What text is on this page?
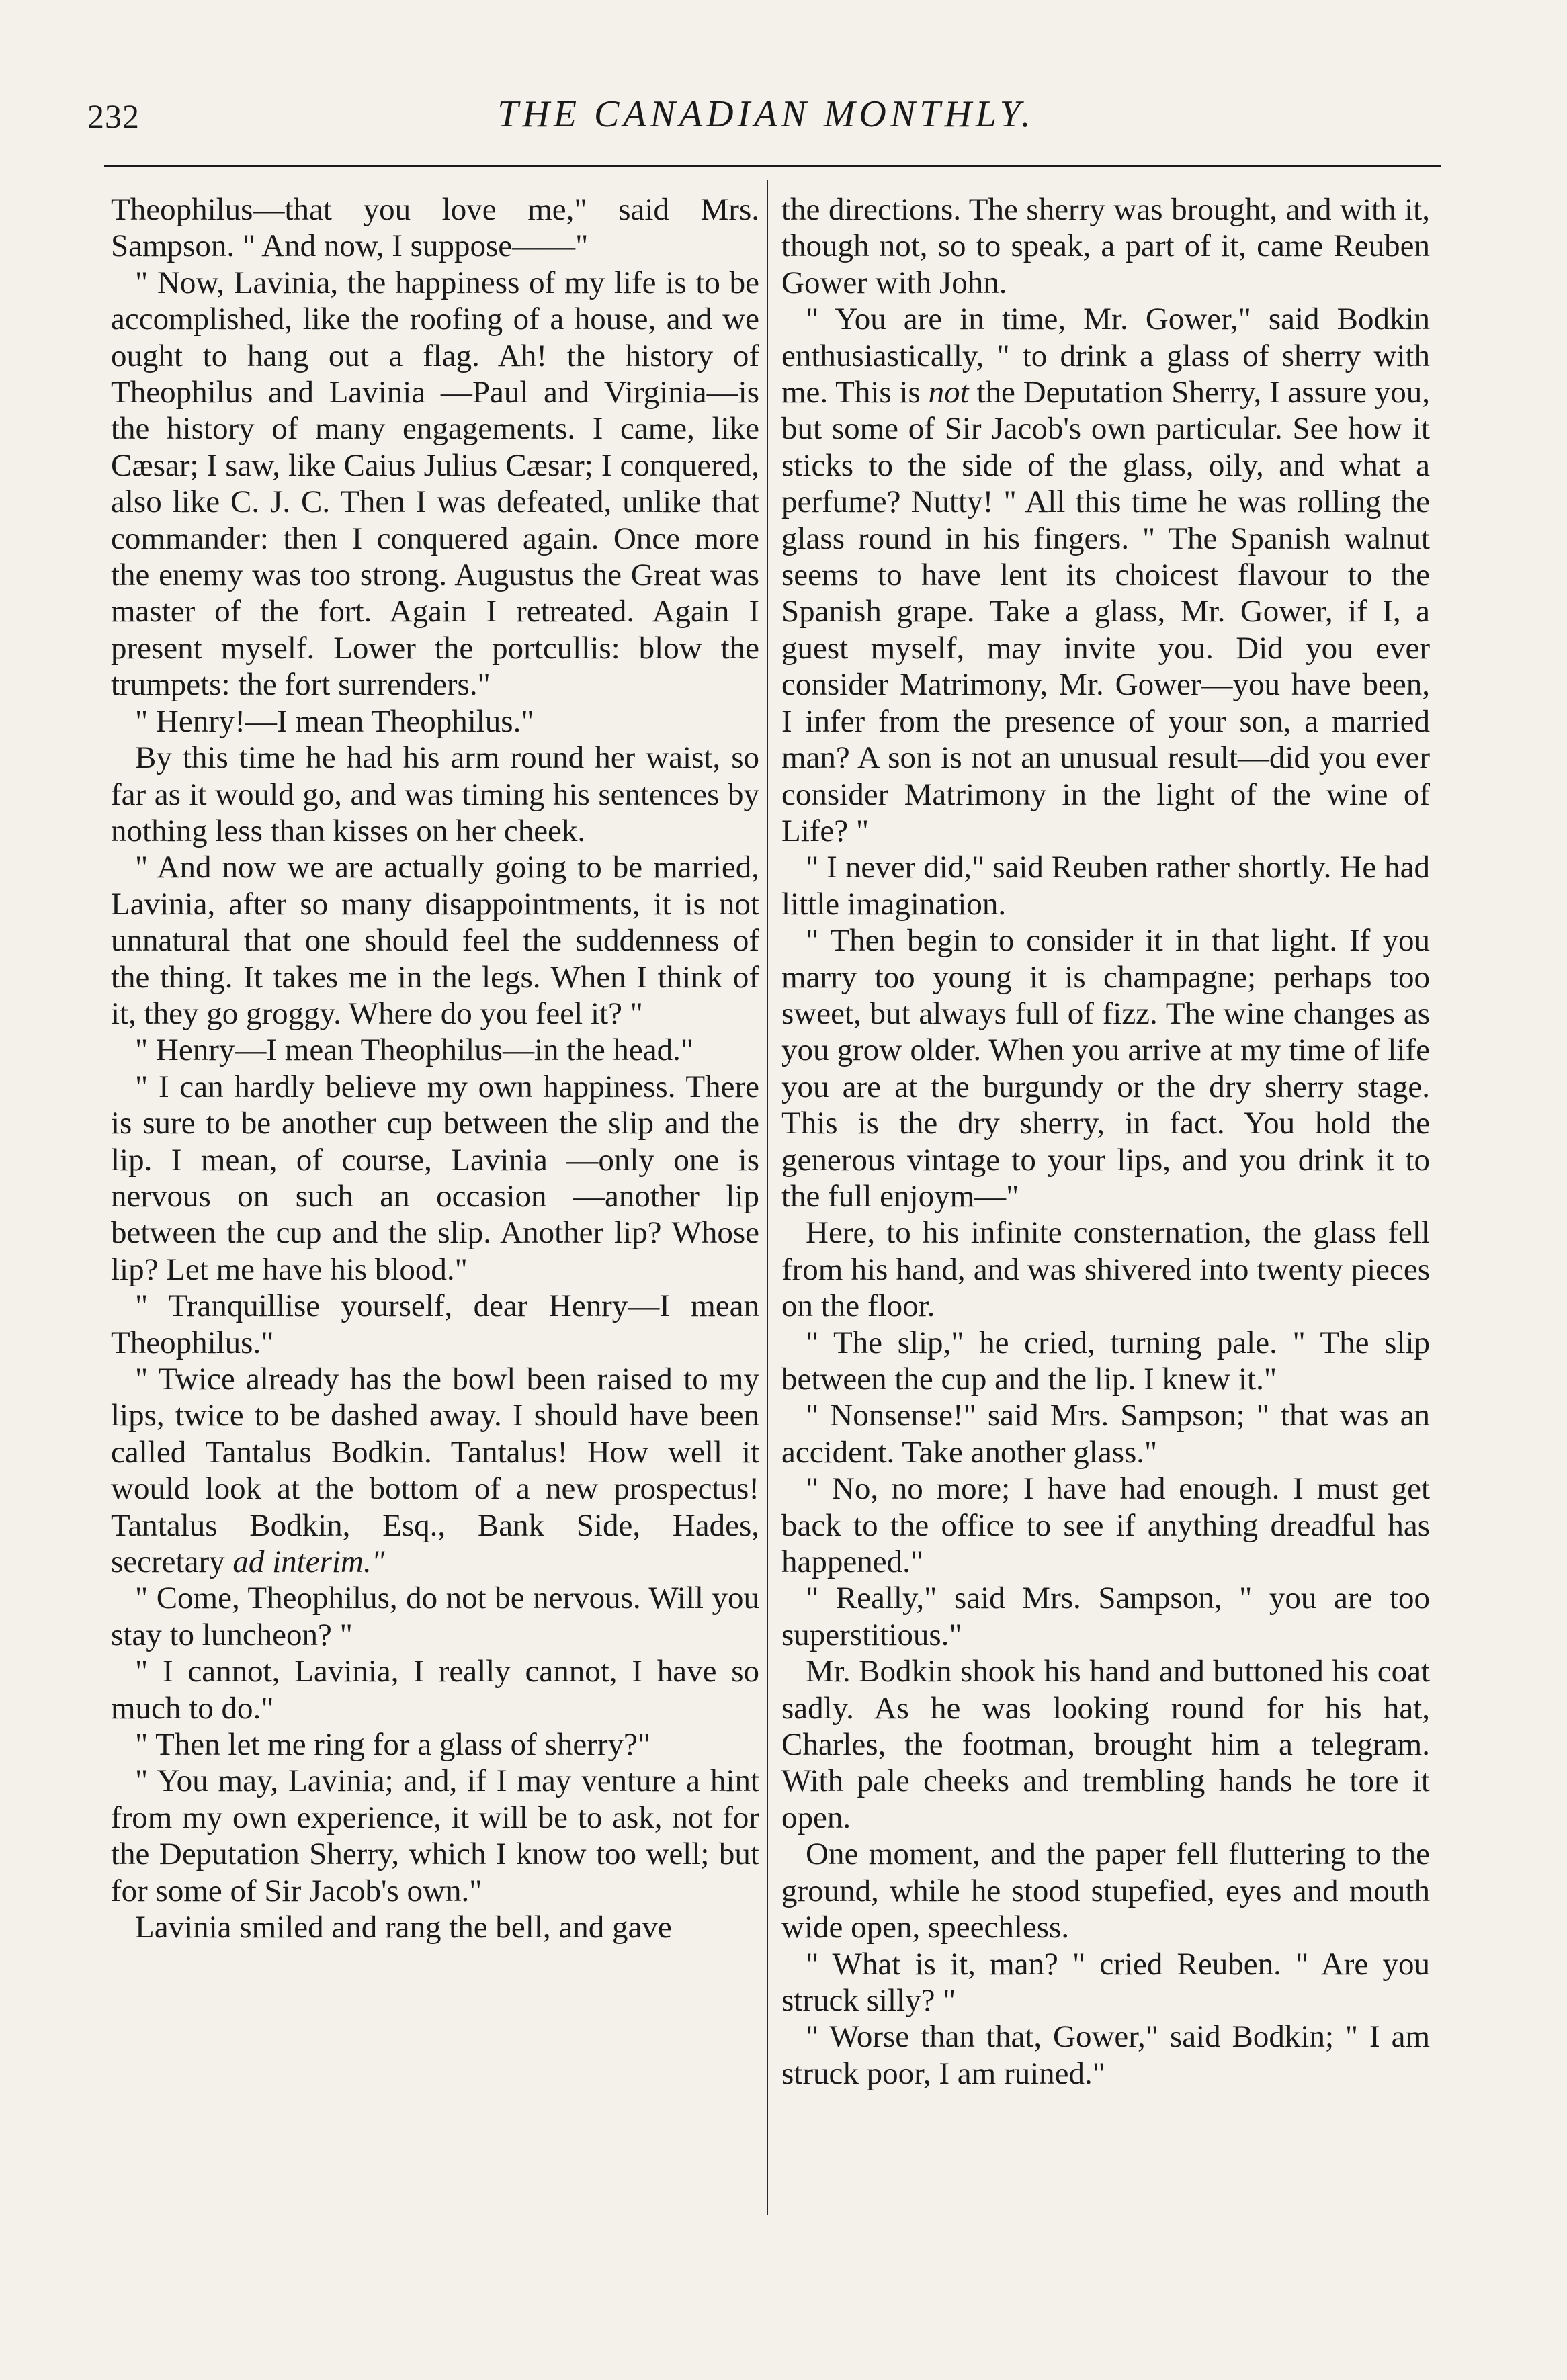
232	THE CANADIAN MONTHLY.

Theophilus—that you love me," said Mrs. Sampson. " And now, I suppose——"

" Now, Lavinia, the happiness of my life is to be accomplished, like the roofing of a house, and we ought to hang out a flag. Ah! the history of Theophilus and Lavinia —Paul and Virginia—is the history of many engagements. I came, like Cæsar; I saw, like Caius Julius Cæsar; I conquered, also like C. J. C. Then I was defeated, unlike that commander: then I conquered again. Once more the enemy was too strong. Augustus the Great was master of the fort. Again I retreated. Again I present myself. Lower the portcullis: blow the trumpets: the fort surrenders."

" Henry!—I mean Theophilus."

By this time he had his arm round her waist, so far as it would go, and was timing his sentences by nothing less than kisses on her cheek.

" And now we are actually going to be married, Lavinia, after so many disappointments, it is not unnatural that one should feel the suddenness of the thing. It takes me in the legs. When I think of it, they go groggy. Where do you feel it? "

" Henry—I mean Theophilus—in the head."

" I can hardly believe my own happiness. There is sure to be another cup between the slip and the lip. I mean, of course, Lavinia —only one is nervous on such an occasion —another lip between the cup and the slip. Another lip? Whose lip? Let me have his blood."

" Tranquillise yourself, dear Henry—I mean Theophilus."

" Twice already has the bowl been raised to my lips, twice to be dashed away. I should have been called Tantalus Bodkin. Tantalus! How well it would look at the bottom of a new prospectus! Tantalus Bodkin, Esq., Bank Side, Hades, secretary ad interim."

" Come, Theophilus, do not be nervous. Will you stay to luncheon? "

" I cannot, Lavinia, I really cannot, I have so much to do."

" Then let me ring for a glass of sherry?"

" You may, Lavinia; and, if I may venture a hint from my own experience, it will be to ask, not for the Deputation Sherry, which I know too well; but for some of Sir Jacob's own."

Lavinia smiled and rang the bell, and gave

the directions. The sherry was brought, and with it, though not, so to speak, a part of it, came Reuben Gower with John.

" You are in time, Mr. Gower," said Bodkin enthusiastically, " to drink a glass of sherry with me. This is not the Deputation Sherry, I assure you, but some of Sir Jacob's own particular. See how it sticks to the side of the glass, oily, and what a perfume? Nutty! " All this time he was rolling the glass round in his fingers. " The Spanish walnut seems to have lent its choicest flavour to the Spanish grape. Take a glass, Mr. Gower, if I, a guest myself, may invite you. Did you ever consider Matrimony, Mr. Gower—you have been, I infer from the presence of your son, a married man? A son is not an unusual result—did you ever consider Matrimony in the light of the wine of Life? "

" I never did," said Reuben rather shortly. He had little imagination.

" Then begin to consider it in that light. If you marry too young it is champagne; perhaps too sweet, but always full of fizz. The wine changes as you grow older. When you arrive at my time of life you are at the burgundy or the dry sherry stage. This is the dry sherry, in fact. You hold the generous vintage to your lips, and you drink it to the full enjoym—"

Here, to his infinite consternation, the glass fell from his hand, and was shivered into twenty pieces on the floor.

" The slip," he cried, turning pale. " The slip between the cup and the lip. I knew it."

" Nonsense!" said Mrs. Sampson; " that was an accident. Take another glass."

" No, no more; I have had enough. I must get back to the office to see if anything dreadful has happened."

" Really," said Mrs. Sampson, " you are too superstitious."

Mr. Bodkin shook his hand and buttoned his coat sadly. As he was looking round for his hat, Charles, the footman, brought him a telegram. With pale cheeks and trembling hands he tore it open.

One moment, and the paper fell fluttering to the ground, while he stood stupefied, eyes and mouth wide open, speechless.

" What is it, man? " cried Reuben. " Are you struck silly? "

" Worse than that, Gower," said Bodkin; " I am struck poor, I am ruined."
